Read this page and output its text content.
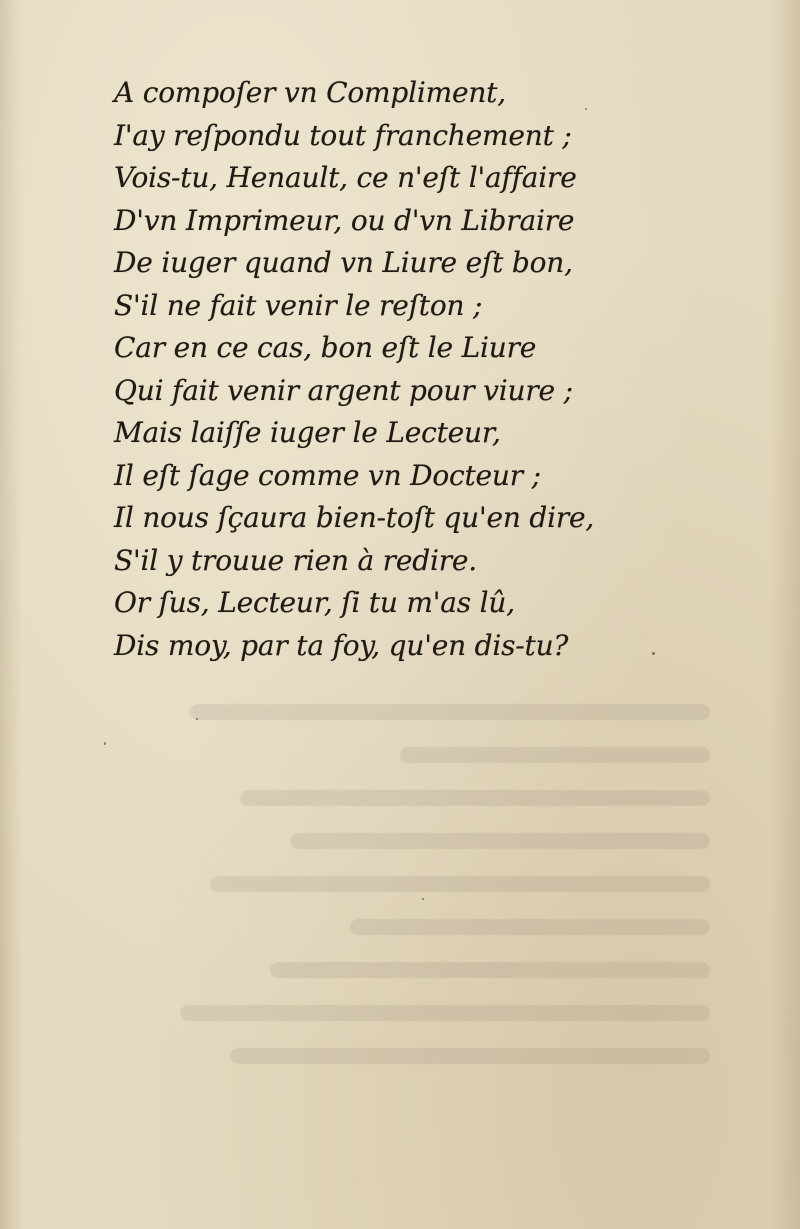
A compoſer vn Compliment,
I'ay reſpondu tout franchement ;
Vois-tu, Henault, ce n'eſt l'affaire
D'vn Imprimeur, ou d'vn Libraire
De iuger quand vn Liure eſt bon,
S'il ne fait venir le reſton ;
Car en ce cas, bon eſt le Liure
Qui fait venir argent pour viure ;
Mais laiſſe iuger le Lecteur,
Il eſt ſage comme vn Docteur ;
Il nous ſçaura bien-toſt qu'en dire,
S'il y trouue rien à redire.
Or ſus, Lecteur, ſi tu m'as lû,
Dis moy, par ta foy, qu'en dis-tu?
